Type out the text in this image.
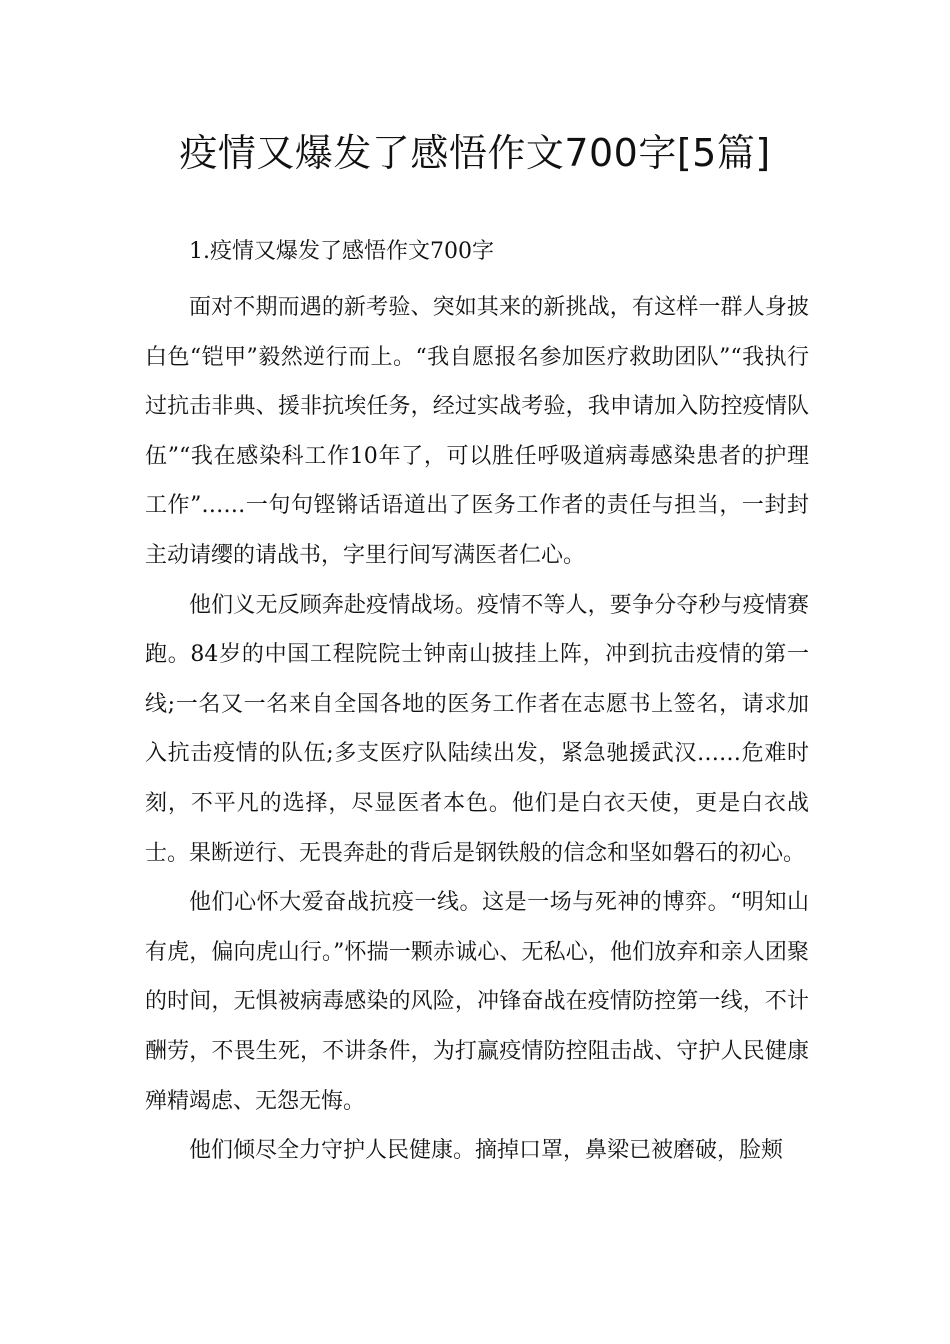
疫情又爆发了感悟作文700字[5篇]

1.疫情又爆发了感悟作文700字

面对不期而遇的新考验、突如其来的新挑战，有这样一群人身披白色“铠甲”毅然逆行而上。“我自愿报名参加医疗救助团队”“我执行过抗击非典、援非抗埃任务，经过实战考验，我申请加入防控疫情队伍”“我在感染科工作10年了，可以胜任呼吸道病毒感染患者的护理工作”……一句句铿锵话语道出了医务工作者的责任与担当，一封封主动请缨的请战书，字里行间写满医者仁心。

他们义无反顾奔赴疫情战场。疫情不等人，要争分夺秒与疫情赛跑。84岁的中国工程院院士钟南山披挂上阵，冲到抗击疫情的第一线;一名又一名来自全国各地的医务工作者在志愿书上签名，请求加入抗击疫情的队伍;多支医疗队陆续出发，紧急驰援武汉……危难时刻，不平凡的选择，尽显医者本色。他们是白衣天使，更是白衣战士。果断逆行、无畏奔赴的背后是钢铁般的信念和坚如磐石的初心。

他们心怀大爱奋战抗疫一线。这是一场与死神的博弈。“明知山有虎，偏向虎山行。”怀揣一颗赤诚心、无私心，他们放弃和亲人团聚的时间，无惧被病毒感染的风险，冲锋奋战在疫情防控第一线，不计酬劳，不畏生死，不讲条件，为打赢疫情防控阻击战、守护人民健康殚精竭虑、无怨无悔。

他们倾尽全力守护人民健康。摘掉口罩，鼻梁已被磨破，脸颊
